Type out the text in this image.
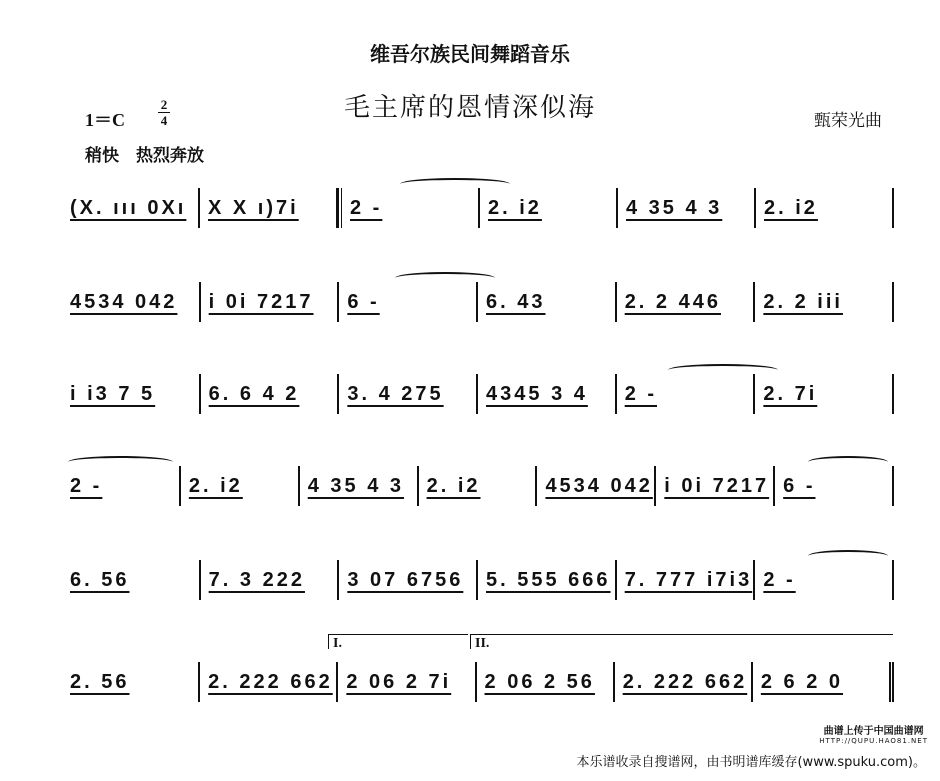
维吾尔族民间舞蹈音乐
毛主席的恩情深似海	甄荣光曲
1＝C
2
4
稍快　热烈奔放
(X. ııı 0Xı	X X ı)7i	2 -	2. i2	4 35 4 3	2. i2
4534 042	i 0i 7217	6 -	6. 43	2. 2 446	2. 2 iii
i i3 7 5	6. 6 4 2	3. 4 275	4345 3 4	2 -	2. 7i
2 -	2. i2	4 35 4 3	2. i2	4534 042 i 0i 7217 6 -
6. 56	7. 3 222	3 07 6756	5. 555 666 7. 777 i7i3 2 -
I.	II.
2. 56	2. 222 662 2 06 2 7i	2 06 2 56	2. 222 662 2 6 2 0
曲谱上传于中国曲谱网
HTTP://QUPU.HAO81.NET
本乐谱收录自搜谱网，由书明谱库缓存(www.spuku.com)。
